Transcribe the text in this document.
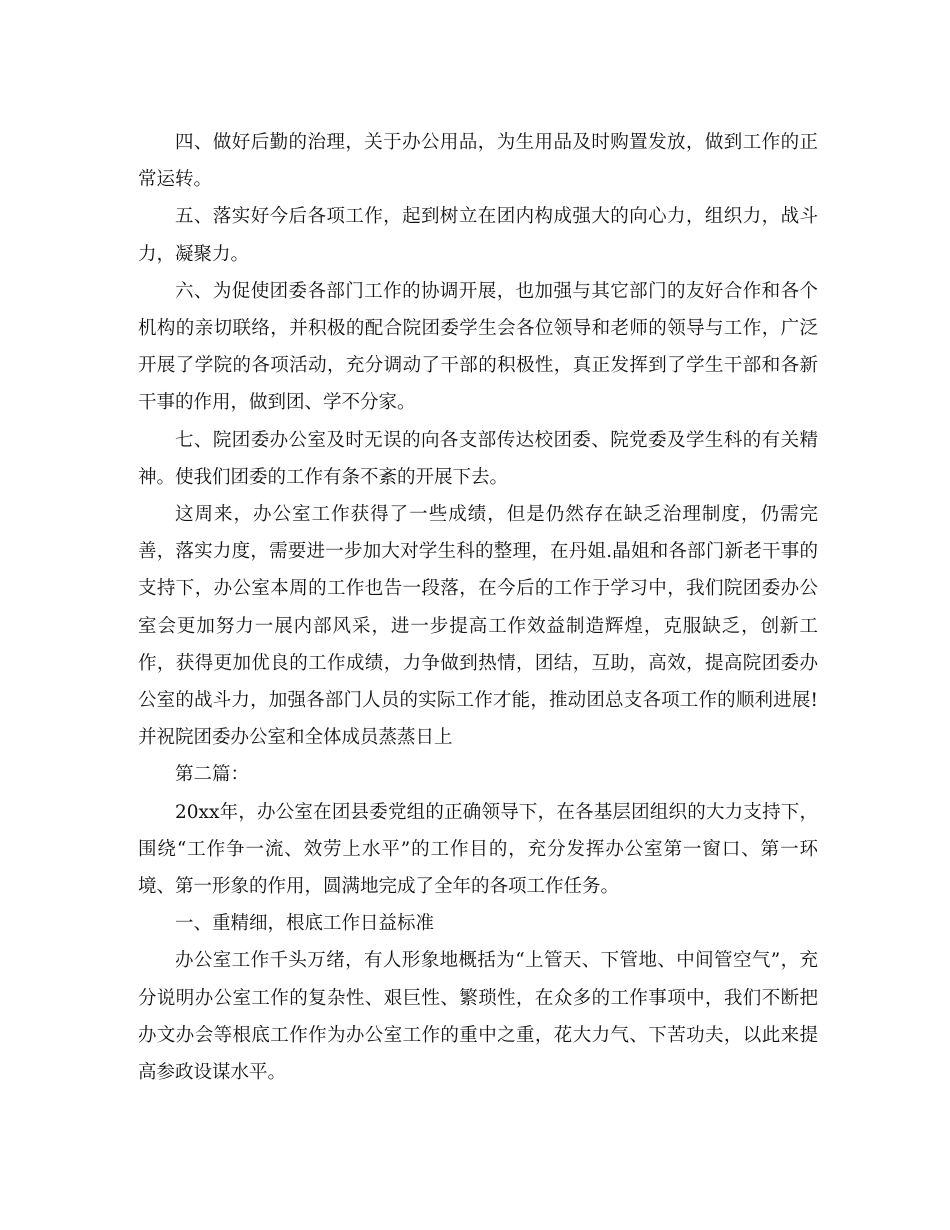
四、做好后勤的治理，关于办公用品，为生用品及时购置发放，做到工作的正常运转。

五、落实好今后各项工作，起到树立在团内构成强大的向心力，组织力，战斗力，凝聚力。

六、为促使团委各部门工作的协调开展，也加强与其它部门的友好合作和各个机构的亲切联络，并积极的配合院团委学生会各位领导和老师的领导与工作，广泛开展了学院的各项活动，充分调动了干部的积极性，真正发挥到了学生干部和各新干事的作用，做到团、学不分家。

七、院团委办公室及时无误的向各支部传达校团委、院党委及学生科的有关精神。使我们团委的工作有条不紊的开展下去。

这周来，办公室工作获得了一些成绩，但是仍然存在缺乏治理制度，仍需完善，落实力度，需要进一步加大对学生科的整理，在丹姐.晶姐和各部门新老干事的支持下，办公室本周的工作也告一段落，在今后的工作于学习中，我们院团委办公室会更加努力一展内部风采，进一步提高工作效益制造辉煌，克服缺乏，创新工作，获得更加优良的工作成绩，力争做到热情，团结，互助，高效，提高院团委办公室的战斗力，加强各部门人员的实际工作才能，推动团总支各项工作的顺利进展!并祝院团委办公室和全体成员蒸蒸日上

第二篇：

20xx年，办公室在团县委党组的正确领导下，在各基层团组织的大力支持下，围绕“工作争一流、效劳上水平”的工作目的，充分发挥办公室第一窗口、第一环境、第一形象的作用，圆满地完成了全年的各项工作任务。

一、重精细，根底工作日益标准

办公室工作千头万绪，有人形象地概括为“上管天、下管地、中间管空气”，充分说明办公室工作的复杂性、艰巨性、繁琐性，在众多的工作事项中，我们不断把办文办会等根底工作作为办公室工作的重中之重，花大力气、下苦功夫，以此来提高参政设谋水平。
